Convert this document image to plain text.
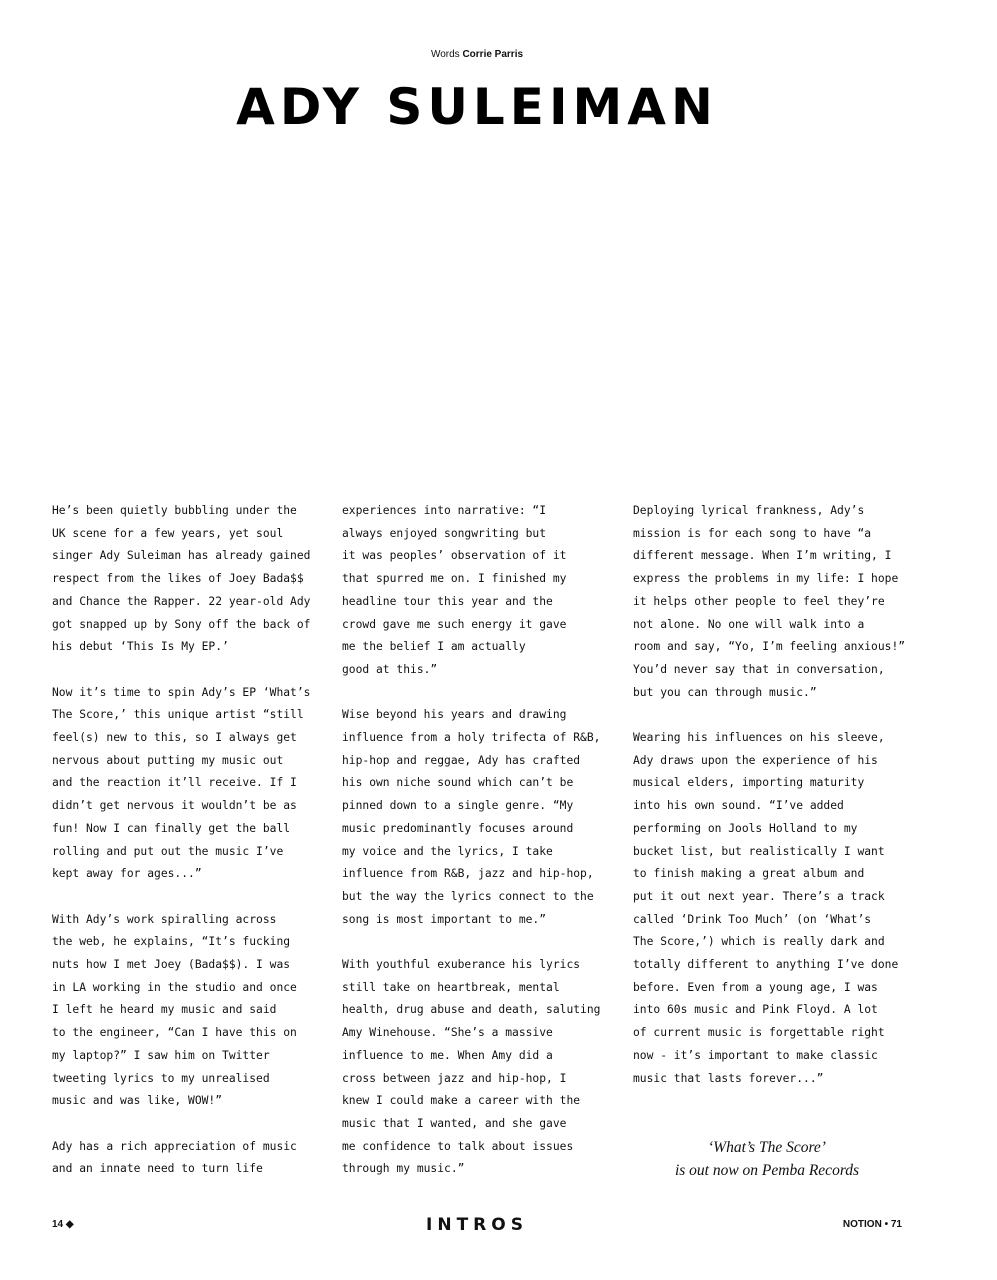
Words Corrie Parris
ADY SULEIMAN

He’s been quietly bubbling under the
UK scene for a few years, yet soul
singer Ady Suleiman has already gained
respect from the likes of Joey Bada$$
and Chance the Rapper. 22 year-old Ady
got snapped up by Sony off the back of
his debut ‘This Is My EP.’

Now it’s time to spin Ady’s EP ‘What’s
The Score,’ this unique artist “still
feel(s) new to this, so I always get
nervous about putting my music out
and the reaction it’ll receive. If I
didn’t get nervous it wouldn’t be as
fun! Now I can finally get the ball
rolling and put out the music I’ve
kept away for ages...”

With Ady’s work spiralling across
the web, he explains, “It’s fucking
nuts how I met Joey (Bada$$). I was
in LA working in the studio and once
I left he heard my music and said
to the engineer, “Can I have this on
my laptop?” I saw him on Twitter
tweeting lyrics to my unrealised
music and was like, WOW!”

Ady has a rich appreciation of music
and an innate need to turn life

experiences into narrative: “I
always enjoyed songwriting but
it was peoples’ observation of it
that spurred me on. I finished my
headline tour this year and the
crowd gave me such energy it gave
me the belief I am actually
good at this.”

Wise beyond his years and drawing
influence from a holy trifecta of R&B,
hip-hop and reggae, Ady has crafted
his own niche sound which can’t be
pinned down to a single genre. “My
music predominantly focuses around
my voice and the lyrics, I take
influence from R&B, jazz and hip-hop,
but the way the lyrics connect to the
song is most important to me.”

With youthful exuberance his lyrics
still take on heartbreak, mental
health, drug abuse and death, saluting
Amy Winehouse. “She’s a massive
influence to me. When Amy did a
cross between jazz and hip-hop, I
knew I could make a career with the
music that I wanted, and she gave
me confidence to talk about issues
through my music.”

Deploying lyrical frankness, Ady’s
mission is for each song to have “a
different message. When I’m writing, I
express the problems in my life: I hope
it helps other people to feel they’re
not alone. No one will walk into a
room and say, “Yo, I’m feeling anxious!”
You’d never say that in conversation,
but you can through music.”

Wearing his influences on his sleeve,
Ady draws upon the experience of his
musical elders, importing maturity
into his own sound. “I’ve added
performing on Jools Holland to my
bucket list, but realistically I want
to finish making a great album and
put it out next year. There’s a track
called ‘Drink Too Much’ (on ‘What’s
The Score,’) which is really dark and
totally different to anything I’ve done
before. Even from a young age, I was
into 60s music and Pink Floyd. A lot
of current music is forgettable right
now - it’s important to make classic
music that lasts forever...”

‘What’s The Score’
is out now on Pemba Records
14 ◆	INTROS	NOTION • 71
